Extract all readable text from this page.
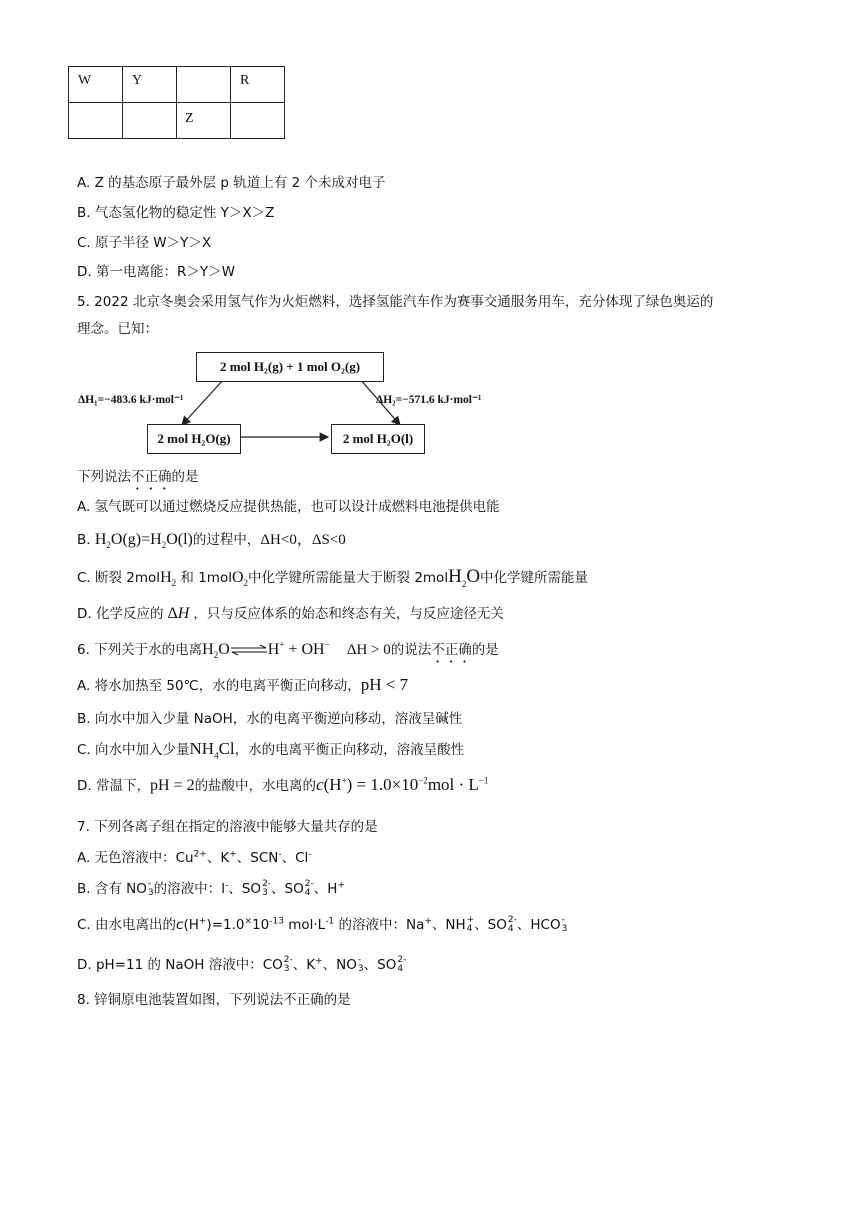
W	Y		R
		Z	
A. Z 的基态原子最外层 p 轨道上有 2 个未成对电子
B. 气态氢化物的稳定性 Y＞X＞Z
C. 原子半径 W＞Y＞X
D. 第一电离能：R＞Y＞W
5. 2022 北京冬奥会采用氢气作为火炬燃料，选择氢能汽车作为赛事交通服务用车，充分体现了绿色奥运的
理念。已知：
2 mol H₂(g) + 1 mol O₂(g)
2 mol H₂O(g)	2 mol H₂O(l)
ΔH₁=−483.6 kJ·mol⁻¹	ΔH₂=−571.6 kJ·mol⁻¹
下列说法不正确的是
A. 氢气既可以通过燃烧反应提供热能，也可以设计成燃料电池提供电能
B. $H_2O(g)=H_2O(l)$的过程中，ΔH<0，ΔS<0
C. 断裂 2molH$_2$ 和 1molO$_2$中化学键所需能量大于断裂 2molH$_2$O中化学键所需能量
D. 化学反应的 ΔH ，只与反应体系的始态和终态有关，与反应途径无关
6. 下列关于水的电离$H_2O\rightleftharpoons H^+ + OH^-$ ΔH > 0的说法不正确的是
A. 将水加热至 50℃，水的电离平衡正向移动，pH < 7
B. 向水中加入少量 NaOH，水的电离平衡逆向移动，溶液呈碱性
C. 向水中加入少量$NH_4Cl$，水的电离平衡正向移动，溶液呈酸性
D. 常温下，pH = 2的盐酸中，水电离的$c(H^+) = 1.0\times 10^{-2}mol \cdot L^{-1}$
7. 下列各离子组在指定的溶液中能够大量共存的是
A. 无色溶液中：$Cu^{2+}$、K+、SCN-、Cl-
B. 含有 NO-
3的溶液中：I-、SO2-
3 、SO2-
4 、H+
C. 由水电离出的$c(H^+)=1.0^\times 10^{-13}$ $mol\cdot L^{-1}$ 的溶液中：Na+、NH+
4 、SO2-
4 、HCO-
3
D. pH=11 的 NaOH 溶液中：CO2-
3 、K+、NO-
3、SO2-
4
8. 锌铜原电池装置如图，下列说法不正确的是
